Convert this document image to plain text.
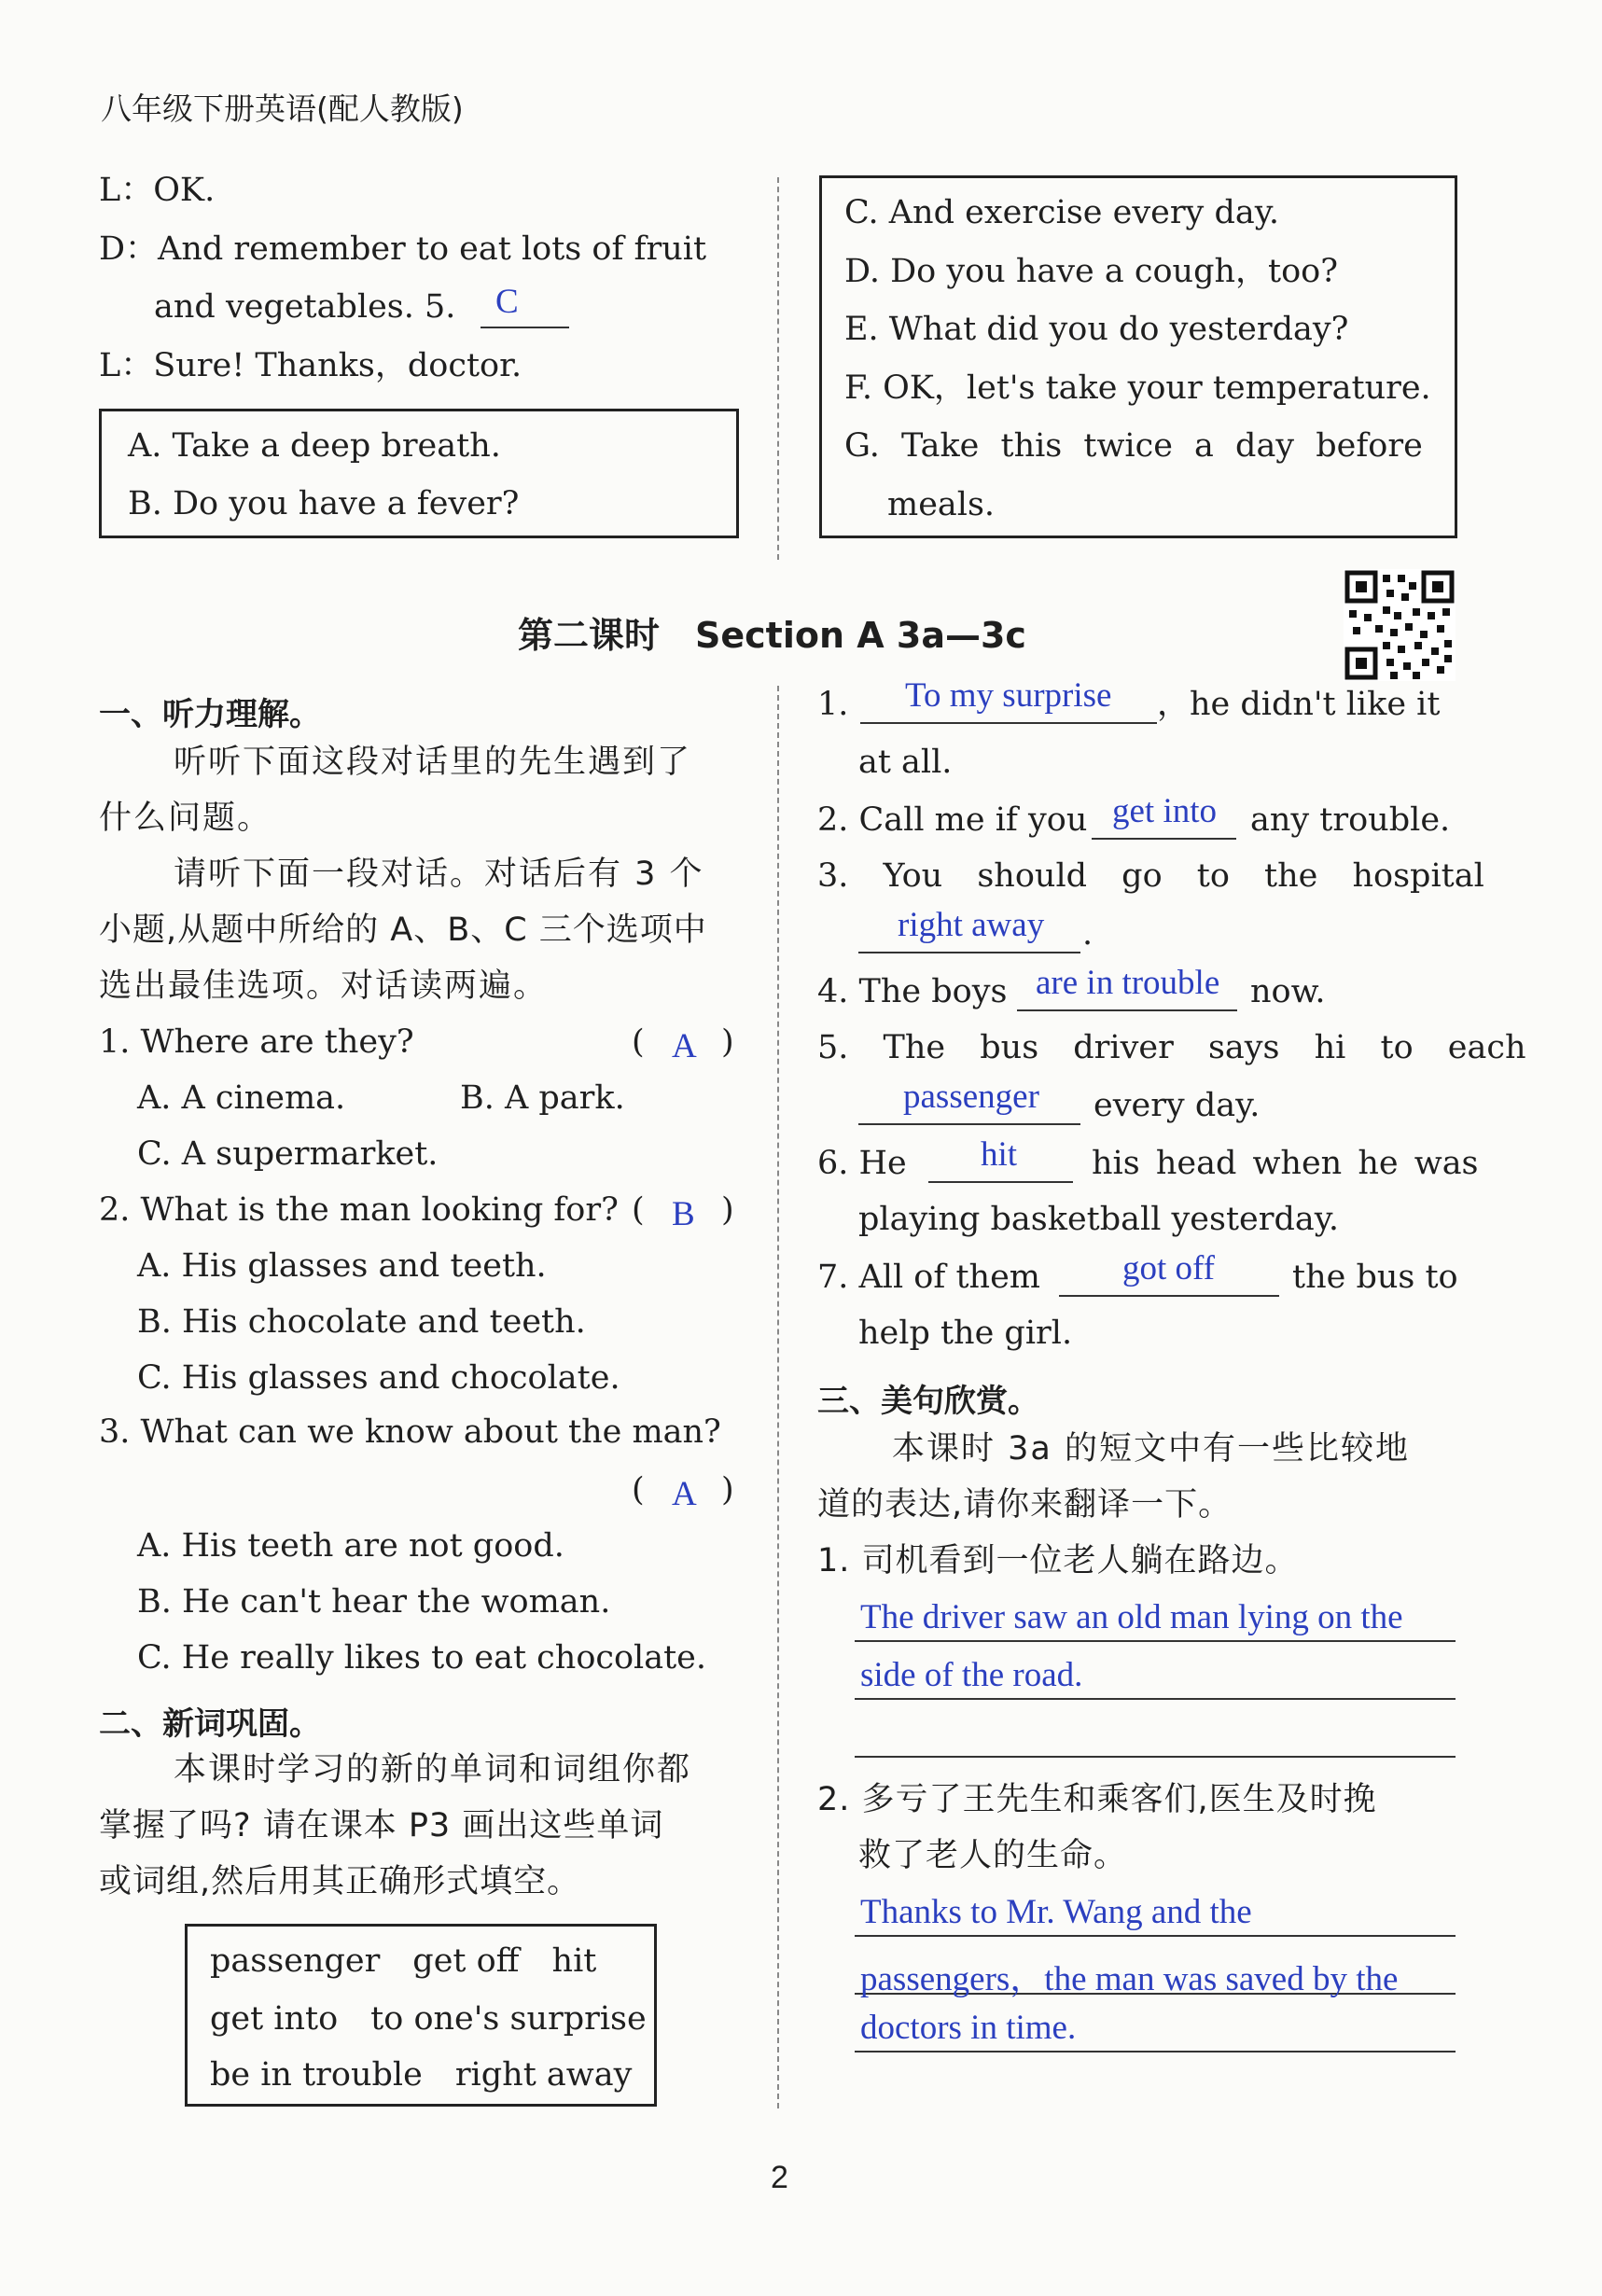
八年级下册英语(配人教版)
L：OK.
D：And remember to eat lots of fruit
and vegetables. 5. C
L：Sure! Thanks，doctor.
A. Take a deep breath.
B. Do you have a fever?
C. And exercise every day.
D. Do you have a cough，too?
E. What did you do yesterday?
F. OK，let's take your temperature.
G. Take this twice a day before
meals.
第二课时　Section A 3a—3c
一、听力理解。
听听下面这段对话里的先生遇到了
什么问题。
请听下面一段对话。对话后有 3 个
小题,从题中所给的 A、B、C 三个选项中
选出最佳选项。对话读两遍。
1. Where are they?	( A )
A. A cinema.	B. A park.
C. A supermarket.
2. What is the man looking for? ( B )
A. His glasses and teeth.
B. His chocolate and teeth.
C. His glasses and chocolate.
3. What can we know about the man?
( A )
A. His teeth are not good.
B. He can't hear the woman.
C. He really likes to eat chocolate.
二、新词巩固。
本课时学习的新的单词和词组你都
掌握了吗? 请在课本 P3 画出这些单词
或词组,然后用其正确形式填空。
passenger　get off　hit
get into　to one's surprise
be in trouble　right away
1. To my surprise ，he didn't like it
at all.
2. Call me if you get into any trouble.
3. You should go to the hospital
right away .
4. The boys are in trouble now.
5. The bus driver says hi to each
passenger every day.
6. He hit his head when he was
playing basketball yesterday.
7. All of them got off the bus to
help the girl.
三、美句欣赏。
本课时 3a 的短文中有一些比较地
道的表达,请你来翻译一下。
1. 司机看到一位老人躺在路边。
The driver saw an old man lying on the
side of the road.
2. 多亏了王先生和乘客们,医生及时挽
救了老人的生命。
Thanks to Mr. Wang and the
passengers，the man was saved by the
doctors in time.
2
